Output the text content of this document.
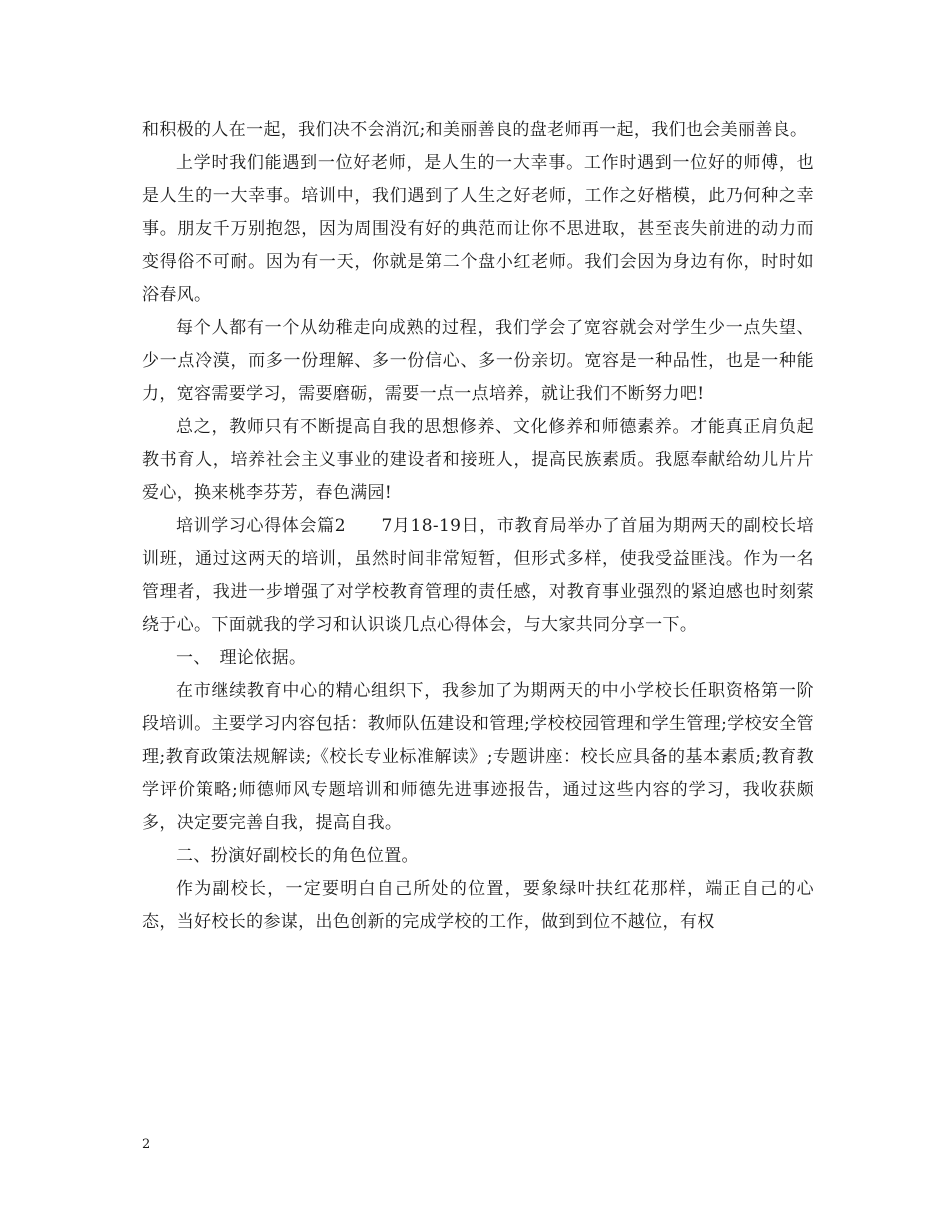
和积极的人在一起，我们决不会消沉;和美丽善良的盘老师再一起，我们也会美丽善良。

上学时我们能遇到一位好老师，是人生的一大幸事。工作时遇到一位好的师傅，也是人生的一大幸事。培训中，我们遇到了人生之好老师，工作之好楷模，此乃何种之幸事。朋友千万别抱怨，因为周围没有好的典范而让你不思进取，甚至丧失前进的动力而变得俗不可耐。因为有一天，你就是第二个盘小红老师。我们会因为身边有你，时时如浴春风。

每个人都有一个从幼稚走向成熟的过程，我们学会了宽容就会对学生少一点失望、少一点冷漠，而多一份理解、多一份信心、多一份亲切。宽容是一种品性，也是一种能力，宽容需要学习，需要磨砺，需要一点一点培养，就让我们不断努力吧!

总之，教师只有不断提高自我的思想修养、文化修养和师德素养。才能真正肩负起教书育人，培养社会主义事业的建设者和接班人，提高民族素质。我愿奉献给幼儿片片爱心，换来桃李芬芳，春色满园!

培训学习心得体会篇2　　7月18-19日，市教育局举办了首届为期两天的副校长培训班，通过这两天的培训，虽然时间非常短暂，但形式多样，使我受益匪浅。作为一名管理者，我进一步增强了对学校教育管理的责任感，对教育事业强烈的紧迫感也时刻萦绕于心。下面就我的学习和认识谈几点心得体会，与大家共同分享一下。

一、　理论依据。

在市继续教育中心的精心组织下，我参加了为期两天的中小学校长任职资格第一阶段培训。主要学习内容包括：教师队伍建设和管理;学校校园管理和学生管理;学校安全管理;教育政策法规解读;《校长专业标准解读》;专题讲座：校长应具备的基本素质;教育教学评价策略;师德师风专题培训和师德先进事迹报告，通过这些内容的学习，我收获颇多，决定要完善自我，提高自我。

二、扮演好副校长的角色位置。

作为副校长，一定要明白自己所处的位置，要象绿叶扶红花那样，端正自己的心态，当好校长的参谋，出色创新的完成学校的工作，做到到位不越位，有权

2
